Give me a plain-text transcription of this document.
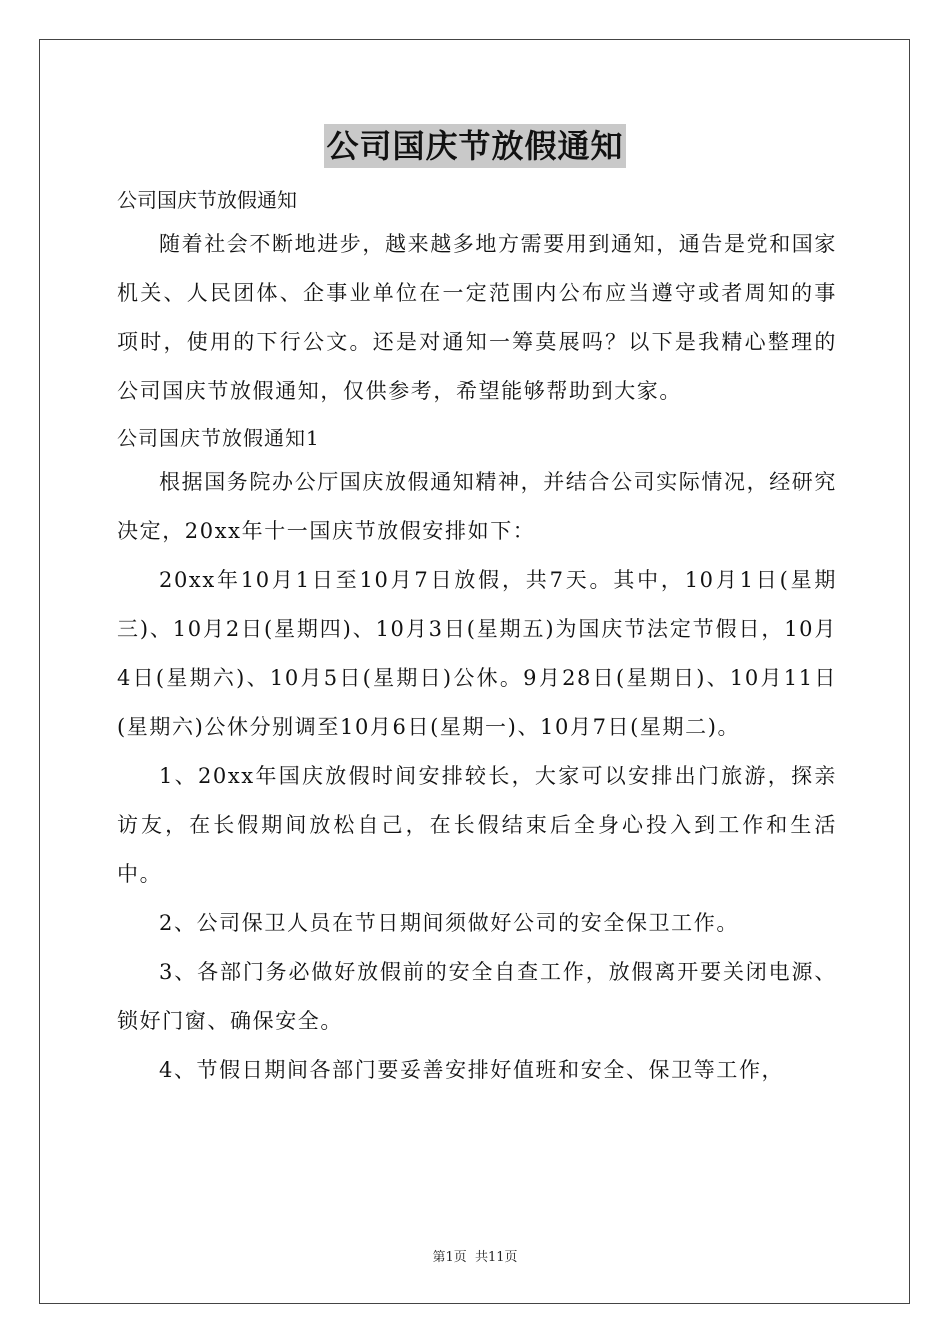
公司国庆节放假通知

公司国庆节放假通知

随着社会不断地进步，越来越多地方需要用到通知，通告是党和国家机关、人民团体、企事业单位在一定范围内公布应当遵守或者周知的事项时，使用的下行公文。还是对通知一筹莫展吗？以下是我精心整理的公司国庆节放假通知，仅供参考，希望能够帮助到大家。

公司国庆节放假通知1

根据国务院办公厅国庆放假通知精神，并结合公司实际情况，经研究决定，20xx年十一国庆节放假安排如下：

20xx年10月1日至10月7日放假，共7天。其中，10月1日(星期三)、10月2日(星期四)、10月3日(星期五)为国庆节法定节假日，10月4日(星期六)、10月5日(星期日)公休。9月28日(星期日)、10月11日(星期六)公休分别调至10月6日(星期一)、10月7日(星期二)。

1、20xx年国庆放假时间安排较长，大家可以安排出门旅游，探亲访友，在长假期间放松自己，在长假结束后全身心投入到工作和生活中。

2、公司保卫人员在节日期间须做好公司的安全保卫工作。

3、各部门务必做好放假前的安全自查工作，放假离开要关闭电源、锁好门窗、确保安全。

4、节假日期间各部门要妥善安排好值班和安全、保卫等工作，

第1页 共11页
